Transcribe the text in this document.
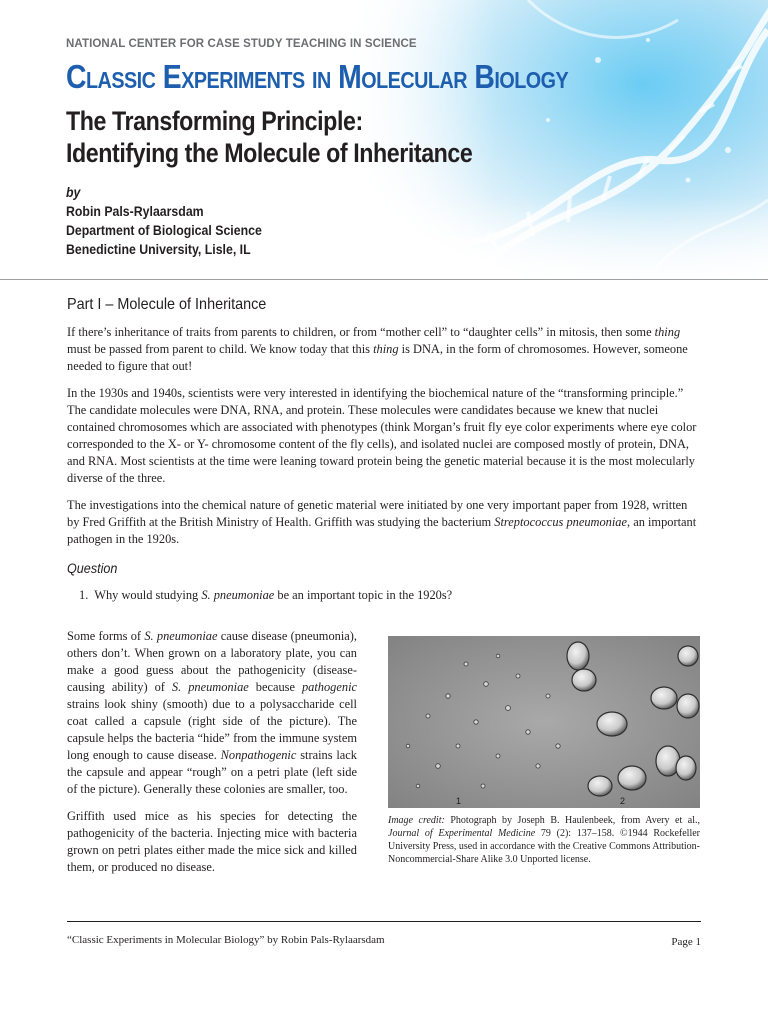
NATIONAL CENTER FOR CASE STUDY TEACHING IN SCIENCE
Classic Experiments in Molecular Biology
The Transforming Principle:
Identifying the Molecule of Inheritance
by
Robin Pals-Rylaarsdam
Department of Biological Science
Benedictine University, Lisle, IL
Part I – Molecule of Inheritance

If there’s inheritance of traits from parents to children, or from “mother cell” to “daughter cells” in mitosis, then some thing must be passed from parent to child. We know today that this thing is DNA, in the form of chromosomes. However, someone needed to figure that out!

In the 1930s and 1940s, scientists were very interested in identifying the biochemical nature of the “transforming principle.” The candidate molecules were DNA, RNA, and protein. These molecules were candidates because we knew that nuclei contained chromosomes which are associated with phenotypes (think Morgan’s fruit fly eye color experiments where eye color corresponded to the X- or Y- chromosome content of the fly cells), and isolated nuclei are composed mostly of protein, DNA, and RNA. Most scientists at the time were leaning toward protein being the genetic material because it is the most molecularly diverse of the three.

The investigations into the chemical nature of genetic material were initiated by one very important paper from 1928, written by Fred Griffith at the British Ministry of Health. Griffith was studying the bacterium Streptococcus pneumoniae, an important pathogen in the 1920s.

Question
1. Why would studying S. pneumoniae be an important topic in the 1920s?

Some forms of S. pneumoniae cause disease (pneumonia), others don’t. When grown on a laboratory plate, you can make a good guess about the pathogenicity (disease-causing ability) of S. pneumoniae because pathogenic strains look shiny (smooth) due to a polysaccharide cell coat called a capsule (right side of the picture). The capsule helps the bacteria “hide” from the immune system long enough to cause disease. Nonpathogenic strains lack the capsule and appear “rough” on a petri plate (left side of the picture). Generally these colonies are smaller, too.

Griffith used mice as his species for detecting the pathogenicity of the bacteria. Injecting mice with bacteria grown on petri plates either made the mice sick and killed them, or produced no disease.

1	2
Image credit: Photograph by Joseph B. Haulenbeek, from Avery et al., Journal of Experimental Medicine 79 (2): 137–158. ©1944 Rockefeller University Press, used in accordance with the Creative Commons Attribution-Noncommercial-Share Alike 3.0 Unported license.
“Classic Experiments in Molecular Biology” by Robin Pals-Rylaarsdam	Page 1
